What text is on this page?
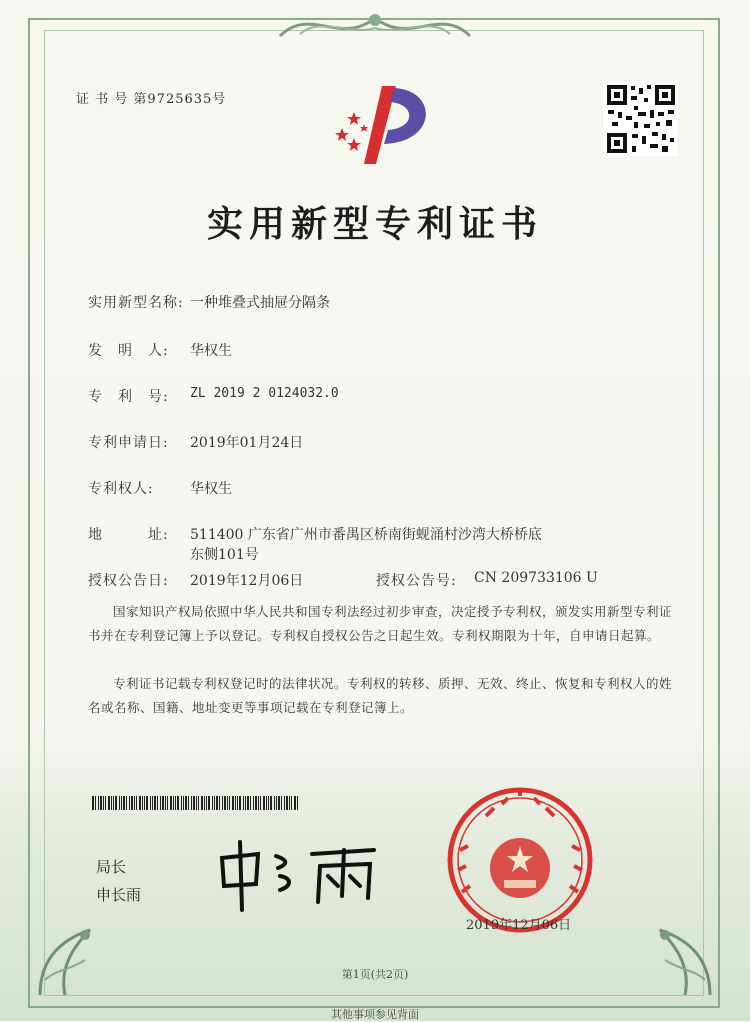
证 书 号 第9725635号
实用新型专利证书
实用新型名称: 一种堆叠式抽屉分隔条
发　明　人: 华权生
专　利　号: ZL 2019 2 0124032.0
专利申请日: 2019年01月24日
专利权人:	华权生
地　　　址: 511400 广东省广州市番禺区桥南街蚬涌村沙湾大桥桥底
东侧101号
授权公告日: 2019年12月06日	授权公告号: CN 209733106 U
国家知识产权局依照中华人民共和国专利法经过初步审查，决定授予专利权，颁发实用新型专利证书并在专利登记簿上予以登记。专利权自授权公告之日起生效。专利权期限为十年，自申请日起算。
专利证书记载专利权登记时的法律状况。专利权的转移、质押、无效、终止、恢复和专利权人的姓名或名称、国籍、地址变更等事项记载在专利登记簿上。
局长
申长雨
2019年12月06日
第1页(共2页)
其他事项参见背面
